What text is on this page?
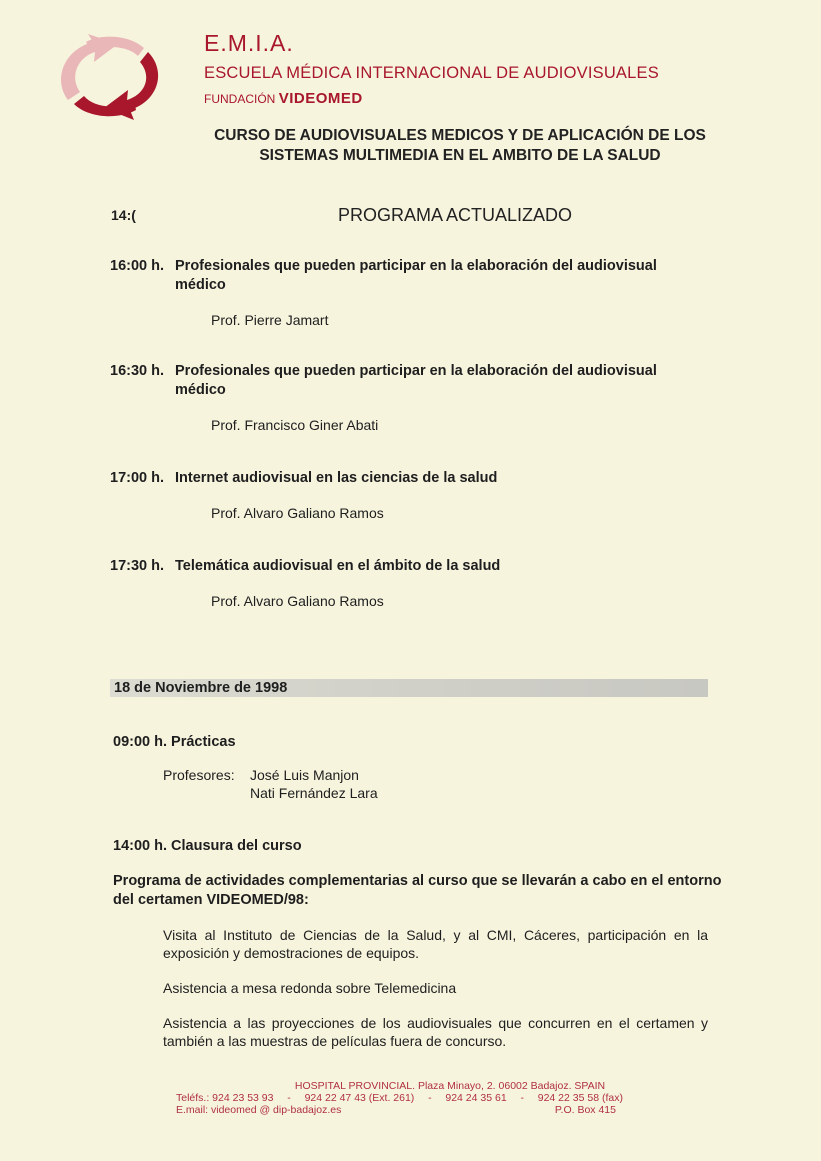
E.M.I.A.
ESCUELA MÉDICA INTERNACIONAL DE AUDIOVISUALES
FUNDACIÓN VIDEOMED
CURSO DE AUDIOVISUALES MEDICOS Y DE APLICACIÓN DE LOS
SISTEMAS MULTIMEDIA EN EL AMBITO DE LA SALUD
14:(	PROGRAMA ACTUALIZADO
16:00 h. Profesionales que pueden participar en la elaboración del audiovisual médico
Prof. Pierre Jamart
16:30 h. Profesionales que pueden participar en la elaboración del audiovisual médico
Prof. Francisco Giner Abati
17:00 h. Internet audiovisual en las ciencias de la salud
Prof. Alvaro Galiano Ramos
17:30 h. Telemática audiovisual en el ámbito de la salud
Prof. Alvaro Galiano Ramos
18 de Noviembre de 1998
09:00 h. Prácticas
Profesores: José Luis Manjon
Nati Fernández Lara
14:00 h. Clausura del curso
Programa de actividades complementarias al curso que se llevarán a cabo en el entorno del certamen VIDEOMED/98:
Visita al Instituto de Ciencias de la Salud, y al CMI, Cáceres, participación en la exposición y demostraciones de equipos.
Asistencia a mesa redonda sobre Telemedicina
Asistencia a las proyecciones de los audiovisuales que concurren en el certamen y también a las muestras de películas fuera de concurso.
HOSPITAL PROVINCIAL. Plaza Minayo, 2. 06002 Badajoz. SPAIN
Teléfs.: 924 23 53 93 - 924 22 47 43 (Ext. 261) - 924 24 35 61 - 924 22 35 58 (fax)
E.mail: videomed @ dip-badajoz.es	P.O. Box 415
